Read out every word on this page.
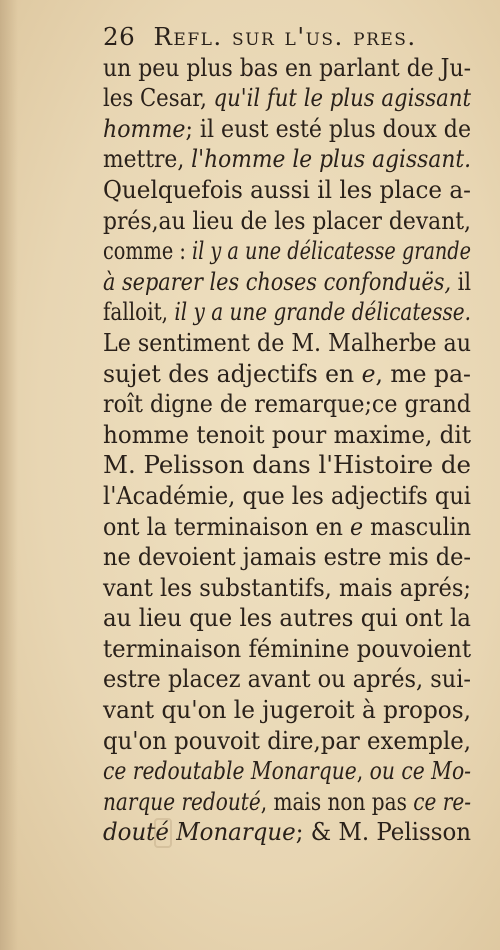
26 Refl. sur l'us. pres.
un peu plus bas en parlant de Ju-
les Cesar, qu'il fut le plus agissant
homme; il eust esté plus doux de
mettre, l'homme le plus agissant.
Quelquefois aussi il les place a-
prés,au lieu de les placer devant,
comme : il y a une délicatesse grande
à separer les choses confonduës, il
falloit, il y a une grande délicatesse.
Le sentiment de M. Malherbe au
sujet des adjectifs en e, me pa-
roît digne de remarque;ce grand
homme tenoit pour maxime, dit
M. Pelisson dans l'Histoire de
l'Académie, que les adjectifs qui
ont la terminaison en e masculin
ne devoient jamais estre mis de-
vant les substantifs, mais aprés;
au lieu que les autres qui ont la
terminaison féminine pouvoient
estre placez avant ou aprés, sui-
vant qu'on le jugeroit à propos,
qu'on pouvoit dire,par exemple,
ce redoutable Monarque, ou ce Mo-
narque redouté, mais non pas ce re-
douté Monarque; & M. Pelisson
